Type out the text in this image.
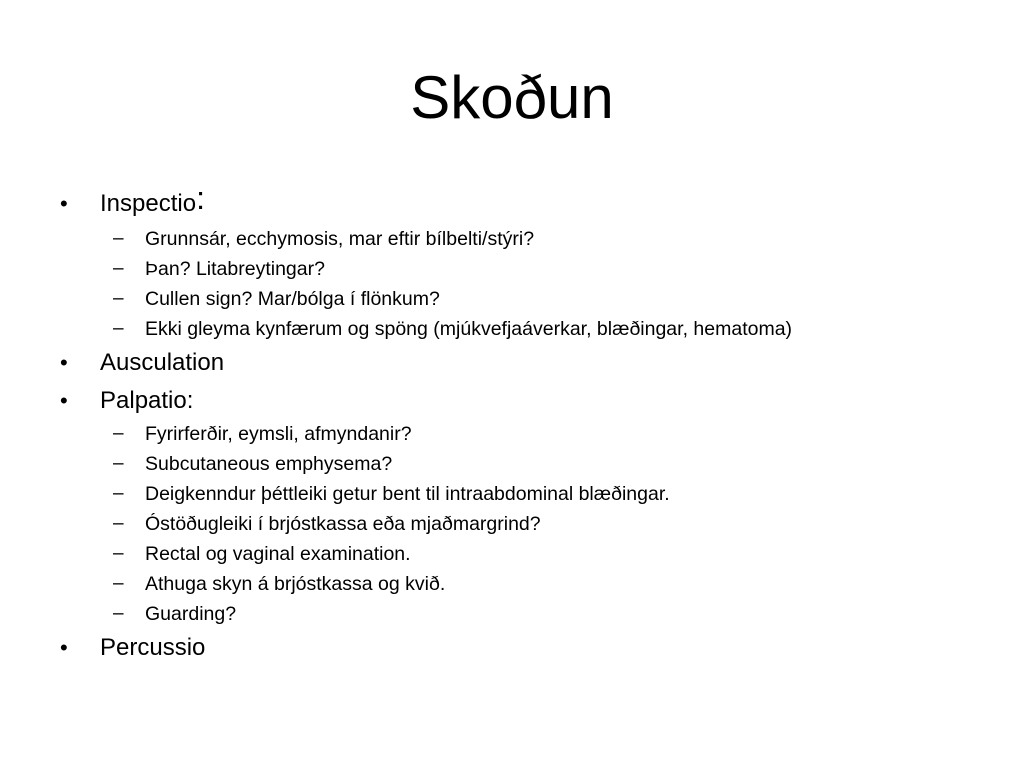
Skoðun
• Inspectio:
– Grunnsár, ecchymosis, mar eftir bílbelti/stýri?
– Þan? Litabreytingar?
– Cullen sign? Mar/bólga í flönkum?
– Ekki gleyma kynfærum og spöng (mjúkvefjaáverkar, blæðingar, hematoma)
• Ausculation
• Palpatio:
– Fyrirferðir, eymsli, afmyndanir?
– Subcutaneous emphysema?
– Deigkenndur þéttleiki getur bent til intraabdominal blæðingar.
– Óstöðugleiki í brjóstkassa eða mjaðmargrind?
– Rectal og vaginal examination.
– Athuga skyn á brjóstkassa og kvið.
– Guarding?
• Percussio
